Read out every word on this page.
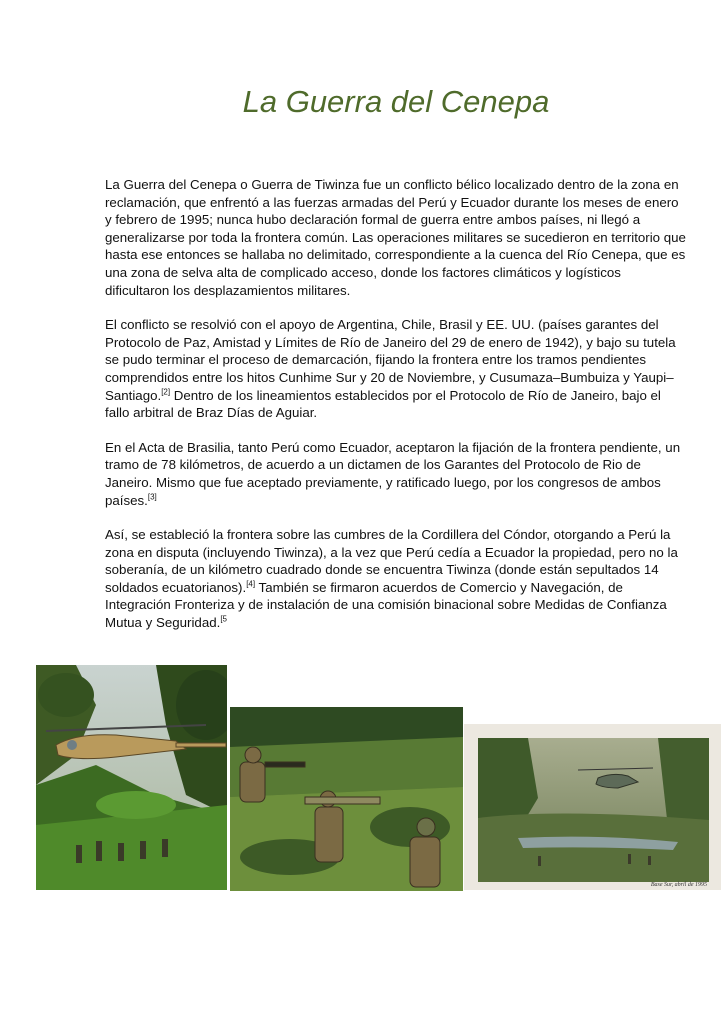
La Guerra del Cenepa

La Guerra del Cenepa o Guerra de Tiwinza fue un conflicto bélico localizado dentro de la zona en reclamación, que enfrentó a las fuerzas armadas del Perú y Ecuador durante los meses de enero y febrero de 1995; nunca hubo declaración formal de guerra entre ambos países, ni llegó a generalizarse por toda la frontera común. Las operaciones militares se sucedieron en territorio que hasta ese entonces se hallaba no delimitado, correspondiente a la cuenca del Río Cenepa, que es una zona de selva alta de complicado acceso, donde los factores climáticos y logísticos dificultaron los desplazamientos militares.

El conflicto se resolvió con el apoyo de Argentina, Chile, Brasil y EE. UU. (países garantes del Protocolo de Paz, Amistad y Límites de Río de Janeiro del 29 de enero de 1942), y bajo su tutela se pudo terminar el proceso de demarcación, fijando la frontera entre los tramos pendientes comprendidos entre los hitos Cunhime Sur y 20 de Noviembre, y Cusumaza–Bumbuiza y Yaupi–Santiago.[2] Dentro de los lineamientos establecidos por el Protocolo de Río de Janeiro, bajo el fallo arbitral de Braz Días de Aguiar.

En el Acta de Brasilia, tanto Perú como Ecuador, aceptaron la fijación de la frontera pendiente, un tramo de 78 kilómetros, de acuerdo a un dictamen de los Garantes del Protocolo de Rio de Janeiro. Mismo que fue aceptado previamente, y ratificado luego, por los congresos de ambos países.[3]

Así, se estableció la frontera sobre las cumbres de la Cordillera del Cóndor, otorgando a Perú la zona en disputa (incluyendo Tiwinza), a la vez que Perú cedía a Ecuador la propiedad, pero no la soberanía, de un kilómetro cuadrado donde se encuentra Tiwinza (donde están sepultados 14 soldados ecuatorianos).[4] También se firmaron acuerdos de Comercio y Navegación, de Integración Fronteriza y de instalación de una comisión binacional sobre Medidas de Confianza Mutua y Seguridad.$^{[5}$

Base Sur, abril de 1995
